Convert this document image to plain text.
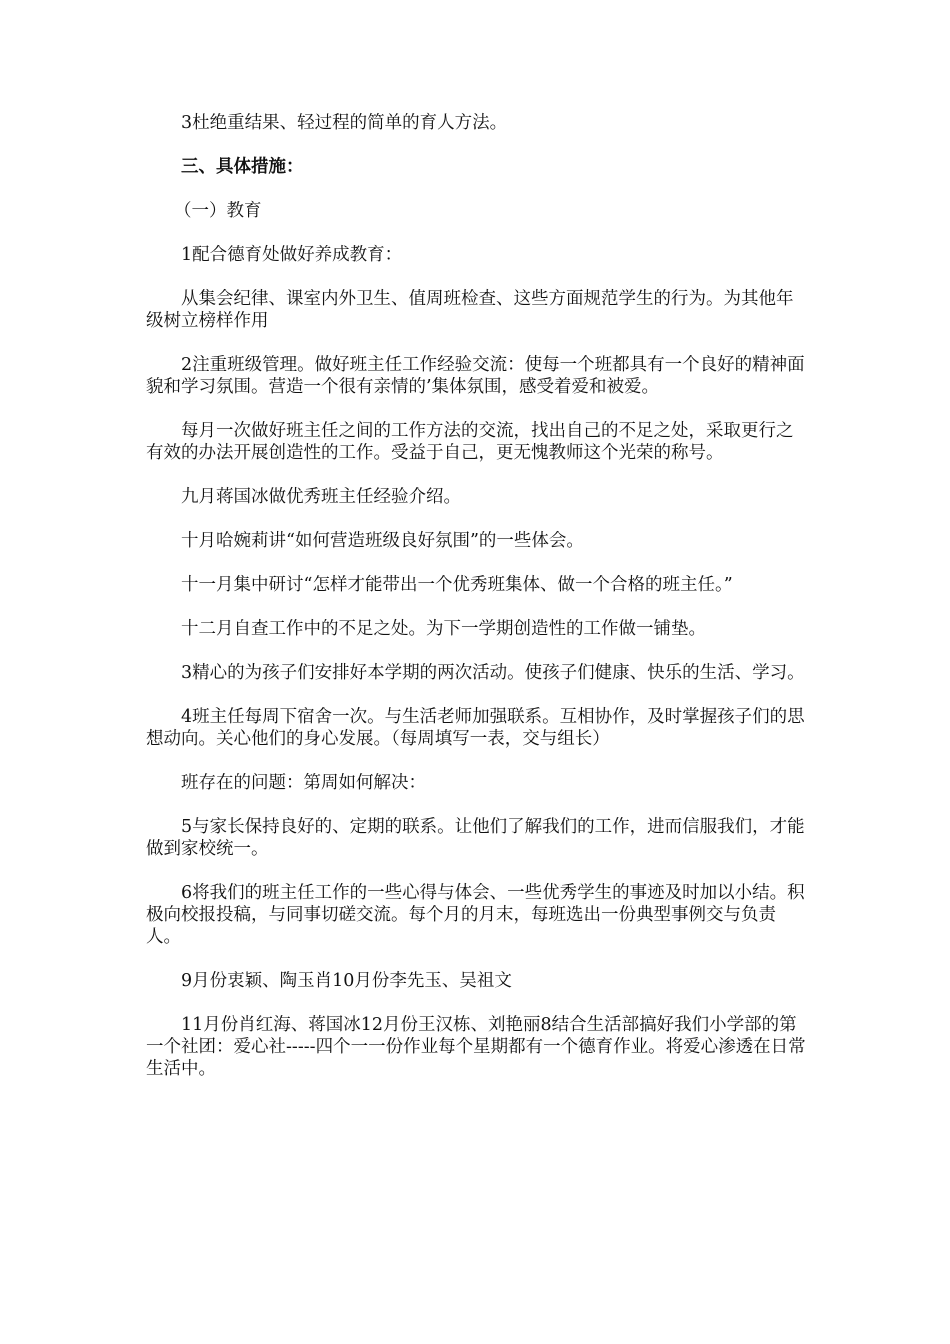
3杜绝重结果、轻过程的简单的育人方法。

三、具体措施：

（一）教育

1配合德育处做好养成教育：

从集会纪律、课室内外卫生、值周班检查、这些方面规范学生的行为。为其他年级树立榜样作用

2注重班级管理。做好班主任工作经验交流：使每一个班都具有一个良好的精神面貌和学习氛围。营造一个很有亲情的’集体氛围，感受着爱和被爱。

每月一次做好班主任之间的工作方法的交流，找出自己的不足之处，采取更行之有效的办法开展创造性的工作。受益于自己，更无愧教师这个光荣的称号。

九月蒋国冰做优秀班主任经验介绍。

十月哈婉莉讲“如何营造班级良好氛围”的一些体会。

十一月集中研讨“怎样才能带出一个优秀班集体、做一个合格的班主任。”

十二月自查工作中的不足之处。为下一学期创造性的工作做一铺垫。

3精心的为孩子们安排好本学期的两次活动。使孩子们健康、快乐的生活、学习。

4班主任每周下宿舍一次。与生活老师加强联系。互相协作，及时掌握孩子们的思想动向。关心他们的身心发展。（每周填写一表，交与组长）

班存在的问题：第周如何解决：

5与家长保持良好的、定期的联系。让他们了解我们的工作，进而信服我们，才能做到家校统一。

6将我们的班主任工作的一些心得与体会、一些优秀学生的事迹及时加以小结。积极向校报投稿，与同事切磋交流。每个月的月末，每班选出一份典型事例交与负责人。

9月份衷颖、陶玉肖10月份李先玉、吴祖文

11月份肖红海、蒋国冰12月份王汉栋、刘艳丽8结合生活部搞好我们小学部的第一个社团：爱心社-----四个一一份作业每个星期都有一个德育作业。将爱心渗透在日常生活中。
